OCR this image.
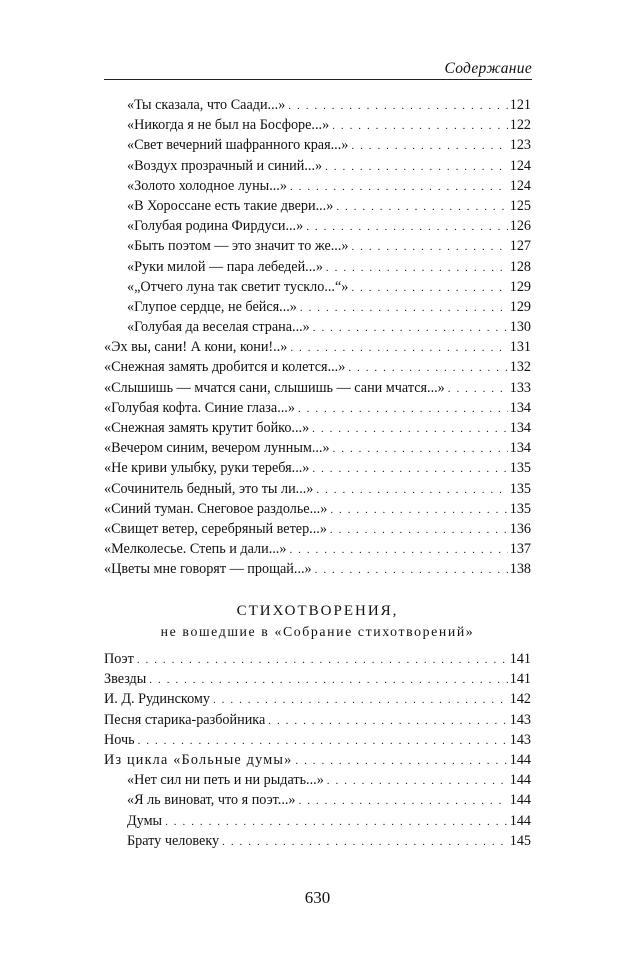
Содержание
«Ты сказала, что Саади...» . . .	121
«Никогда я не был на Босфоре...» . . .	122
«Свет вечерний шафранного края...» . . .	123
«Воздух прозрачный и синий...» . . .	124
«Золото холодное луны...» . . .	124
«В Хороссане есть такие двери...» . . .	125
«Голубая родина Фирдуси...» . . .	126
«Быть поэтом — это значит то же...» . . .	127
«Руки милой — пара лебедей...» . . .	128
«„Отчего луна так светит тускло...“» . . .	129
«Глупое сердце, не бейся...» . . .	129
«Голубая да веселая страна...» . . .	130
«Эх вы, сани! А кони, кони!..» . . .	131
«Снежная замять дробится и колется...» . . .	132
«Слышишь — мчатся сани, слышишь — сани мчатся...» . . .	133
«Голубая кофта. Синие глаза...» . . .	134
«Снежная замять крутит бойко...» . . .	134
«Вечером синим, вечером лунным...» . . .	134
«Не криви улыбку, руки теребя...» . . .	135
«Сочинитель бедный, это ты ли...» . . .	135
«Синий туман. Снеговое раздолье...» . . .	135
«Свищет ветер, серебряный ветер...» . . .	136
«Мелколесье. Степь и дали...» . . .	137
«Цветы мне говорят — прощай...» . . .	138
СТИХОТВОРЕНИЯ,
не вошедшие в «Собрание стихотворений»
Поэт . . .	141
Звезды . . .	141
И. Д. Рудинскому . . .	142
Песня старика-разбойника . . .	143
Ночь . . .	143
Из цикла «Больные думы» . . .	144
«Нет сил ни петь и ни рыдать...» . . .	144
«Я ль виноват, что я поэт...» . . .	144
Думы . . .	144
Брату человеку . . .	145
630
